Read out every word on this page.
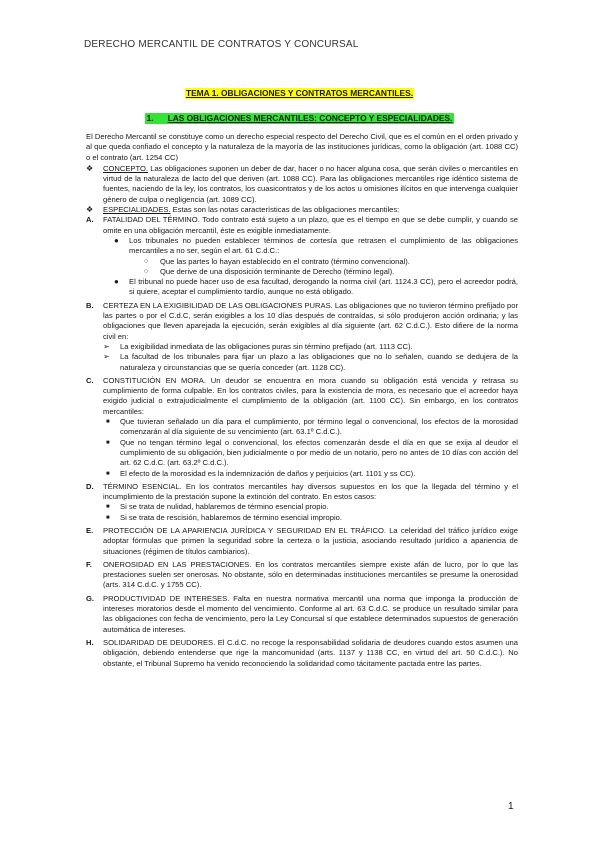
DERECHO MERCANTIL DE CONTRATOS Y CONCURSAL
TEMA 1. OBLIGACIONES Y CONTRATOS MERCANTILES.
1. LAS OBLIGACIONES MERCANTILES: CONCEPTO Y ESPECIALIDADES.

El Derecho Mercantil se constituye como un derecho especial respecto del Derecho Civil, que es el común en el orden privado y al que queda confiado el concepto y la naturaleza de la mayoría de las instituciones jurídicas, como la obligación (art. 1088 CC) o el contrato (art. 1254 CC)

❖ CONCEPTO. Las obligaciones suponen un deber de dar, hacer o no hacer alguna cosa, que serán civiles o mercantiles en virtud de la naturaleza de lacto del que deriven (art. 1088 CC). Para las obligaciones mercantiles rige idéntico sistema de fuentes, naciendo de la ley, los contratos, los cuasicontratos y de los actos u omisiones ilícitos en que intervenga cualquier género de culpa o negligencia (art. 1089 CC).

❖ ESPECIALIDADES. Estas son las notas características de las obligaciones mercantiles:

A. FATALIDAD DEL TÉRMINO. Todo contrato está sujeto a un plazo, que es el tiempo en que se debe cumplir, y cuando se omite en una obligación mercantil, éste es exigible inmediatamente.

● Los tribunales no pueden establecer términos de cortesía que retrasen el cumplimiento de las obligaciones mercantiles a no ser, según el art. 61 C.d.C.:

○ Que las partes lo hayan establecido en el contrato (término convencional).

○ Que derive de una disposición terminante de Derecho (término legal).

● El tribunal no puede hacer uso de esa facultad, derogando la norma civil (art. 1124.3 CC), pero el acreedor podrá, si quiere, aceptar el cumplimiento tardío, aunque no está obligado.

B. CERTEZA EN LA EXIGIBILIDAD DE LAS OBLIGACIONES PURAS. Las obligaciones que no tuvieron término prefijado por las partes o por el C.d.C, serán exigibles a los 10 días después de contraídas, si sólo produjeron acción ordinaria; y las obligaciones que lleven aparejada la ejecución, serán exigibles al día siguiente (art. 62 C.d.C.). Esto difiere de la norma civil en:

➢ La exigibilidad inmediata de las obligaciones puras sin término prefijado (art. 1113 CC).

➢ La facultad de los tribunales para fijar un plazo a las obligaciones que no lo señalen, cuando se dedujera de la naturaleza y circunstancias que se quería conceder (art. 1128 CC).

C. CONSTITUCIÓN EN MORA. Un deudor se encuentra en mora cuando su obligación está vencida y retrasa su cumplimiento de forma culpable. En los contratos civiles, para la existencia de mora, es necesario que el acreedor haya exigido judicial o extrajudicialmente el cumplimiento de la obligación (art. 1100 CC). Sin embargo, en los contratos mercantiles:

■ Que tuvieran señalado un día para el cumplimiento, por término legal o convencional, los efectos de la morosidad comenzarán al día siguiente de su vencimiento (art. 63.1º C.d.C.).

■ Que no tengan término legal o convencional, los efectos comenzarán desde el día en que se exija al deudor el cumplimiento de su obligación, bien judicialmente o por medio de un notario, pero no antes de 10 días con acción del art. 62 C.d.C. (art. 63.2º C.d.C.).

■ El efecto de la morosidad es la indemnización de daños y perjuicios (art. 1101 y ss CC).

D. TÉRMINO ESENCIAL. En los contratos mercantiles hay diversos supuestos en los que la llegada del término y el incumplimiento de la prestación supone la extinción del contrato. En estos casos:

■ Si se trata de nulidad, hablaremos de término esencial propio.

■ Si se trata de rescisión, hablaremos de término esencial impropio.

E. PROTECCIÓN DE LA APARIENCIA JURÍDICA Y SEGURIDAD EN EL TRÁFICO. La celeridad del tráfico jurídico exige adoptar fórmulas que primen la seguridad sobre la certeza o la justicia, asociando resultado jurídico a apariencia de situaciones (régimen de títulos cambiarios).

F. ONEROSIDAD EN LAS PRESTACIONES. En los contratos mercantiles siempre existe afán de lucro, por lo que las prestaciones suelen ser onerosas. No obstante, sólo en determinadas instituciones mercantiles se presume la onerosidad (arts. 314 C.d.C. y 1755 CC).

G. PRODUCTIVIDAD DE INTERESES. Falta en nuestra normativa mercantil una norma que imponga la producción de intereses moratorios desde el momento del vencimiento. Conforme al art. 63 C.d.C. se produce un resultado similar para las obligaciones con fecha de vencimiento, pero la Ley Concursal sí que establece determinados supuestos de generación automática de intereses.

H. SOLIDARIDAD DE DEUDORES. El C.d.C. no recoge la responsabilidad solidaria de deudores cuando estos asumen una obligación, debiendo entenderse que rige la mancomunidad (arts. 1137 y 1138 CC, en virtud del art. 50 C.d.C.). No obstante, el Tribunal Supremo ha venido reconociendo la solidaridad como tácitamente pactada entre las partes.

1
